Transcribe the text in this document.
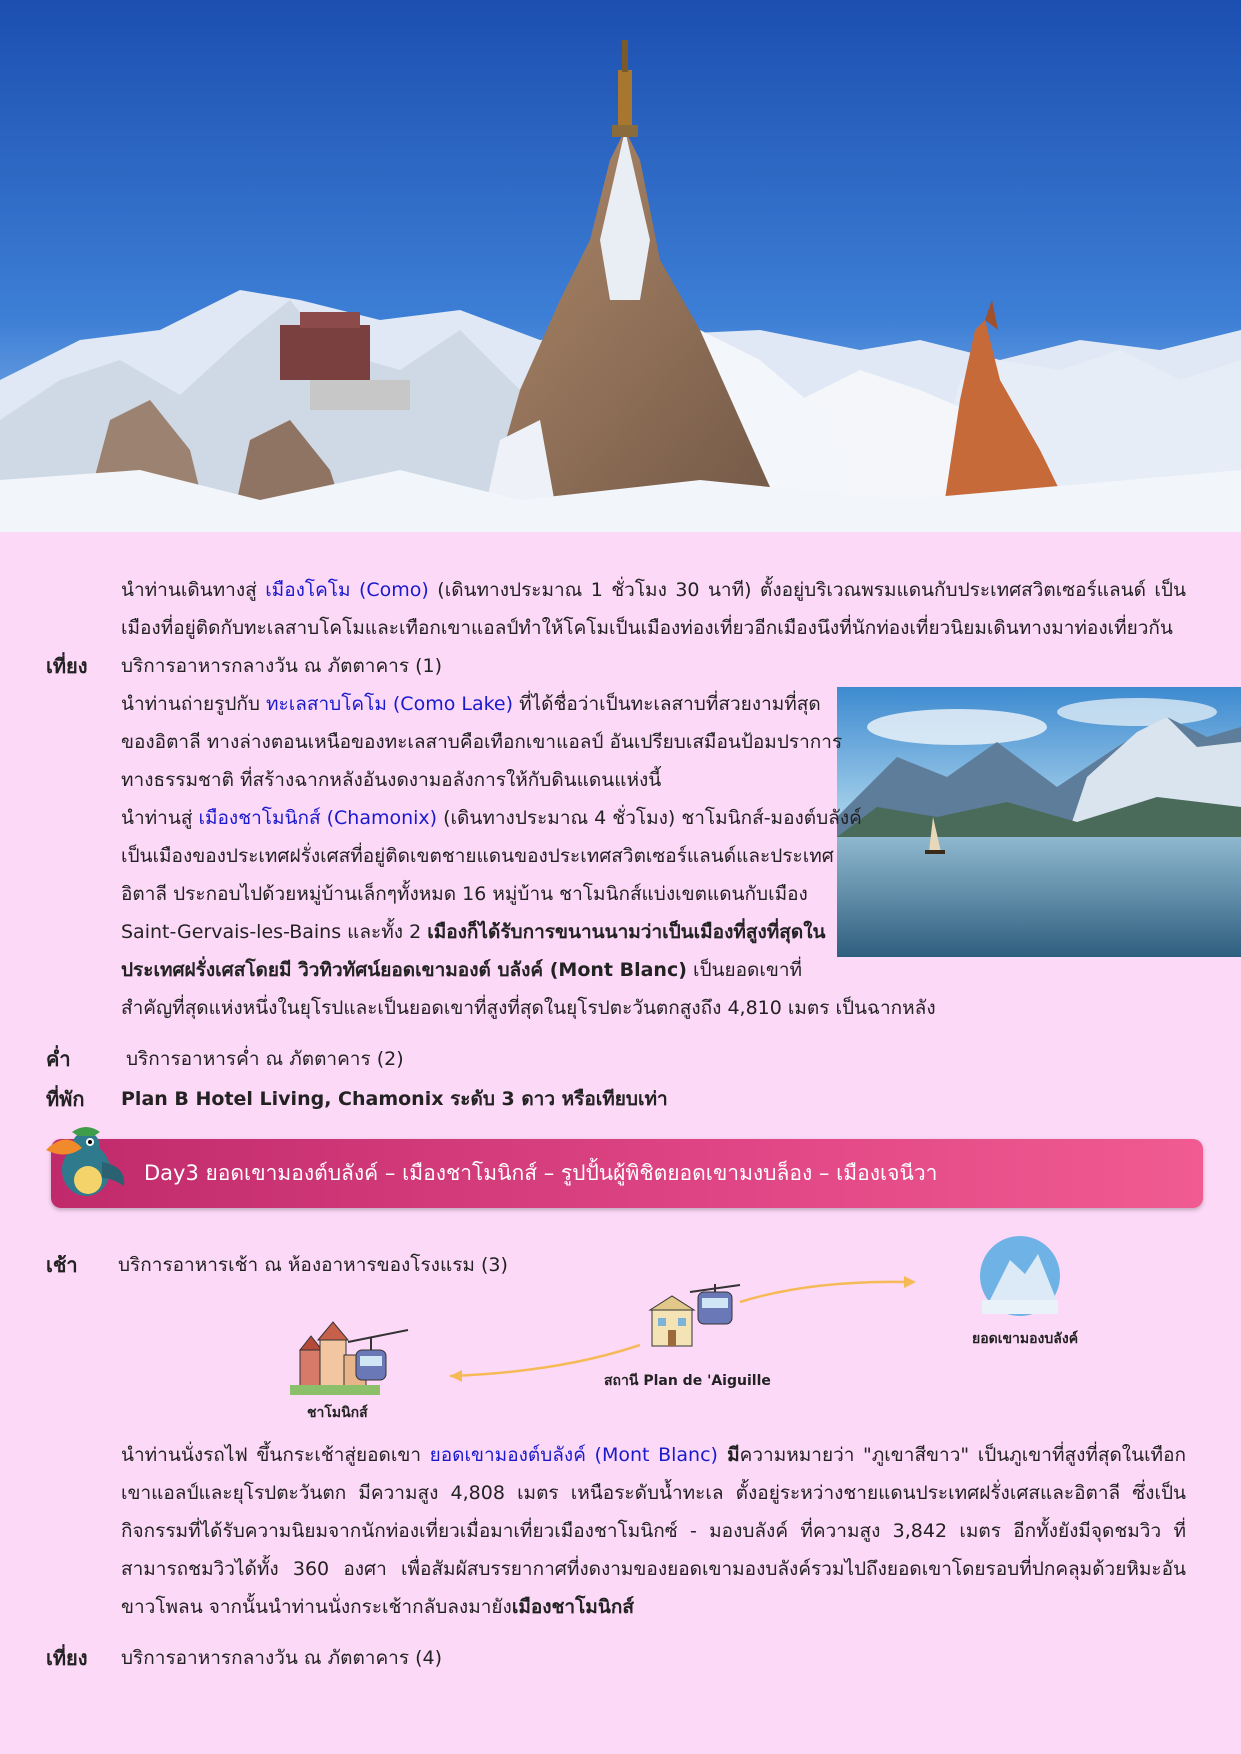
นำท่านเดินทางสู่ เมืองโคโม (Como) (เดินทางประมาณ 1 ชั่วโมง 30 นาที) ตั้งอยู่บริเวณพรมแดนกับประเทศสวิตเซอร์แลนด์ เป็นเมืองที่อยู่ติดกับทะเลสาบโคโมและเทือกเขาแอลป์ทำให้โคโมเป็นเมืองท่องเที่ยวอีกเมืองนึงที่นักท่องเที่ยวนิยมเดินทางมาท่องเที่ยวกัน
เที่ยง บริการอาหารกลางวัน ณ ภัตตาคาร (1)
นำท่านถ่ายรูปกับ ทะเลสาบโคโม (Como Lake) ที่ได้ชื่อว่าเป็นทะเลสาบที่สวยงามที่สุด
ของอิตาลี ทางล่างตอนเหนือของทะเลสาบคือเทือกเขาแอลป์ อันเปรียบเสมือนป้อมปราการ
ทางธรรมชาติ ที่สร้างฉากหลังอันงดงามอลังการให้กับดินแดนแห่งนี้
นำท่านสู่ เมืองชาโมนิกส์ (Chamonix) (เดินทางประมาณ 4 ชั่วโมง) ชาโมนิกส์-มองต์บลังค์
เป็นเมืองของประเทศฝรั่งเศสที่อยู่ติดเขตชายแดนของประเทศสวิตเซอร์แลนด์และประเทศ
อิตาลี ประกอบไปด้วยหมู่บ้านเล็กๆทั้งหมด 16 หมู่บ้าน ชาโมนิกส์แบ่งเขตแดนกับเมือง
Saint-Gervais-les-Bains และทั้ง 2 เมืองก็ได้รับการขนานนามว่าเป็นเมืองที่สูงที่สุดใน
ประเทศฝรั่งเศสโดยมี วิวทิวทัศน์ยอดเขามองต์ บลังค์ (Mont Blanc) เป็นยอดเขาที่
สำคัญที่สุดแห่งหนึ่งในยุโรปและเป็นยอดเขาที่สูงที่สุดในยุโรปตะวันตกสูงถึง 4,810 เมตร เป็นฉากหลัง
ค่ำ	บริการอาหารค่ำ ณ ภัตตาคาร (2)
ที่พัก Plan B Hotel Living, Chamonix ระดับ 3 ดาว หรือเทียบเท่า
Day3 ยอดเขามองต์บลังค์ – เมืองชาโมนิกส์ – รูปปั้นผู้พิชิตยอดเขามงบล็อง – เมืองเจนีวา
เช้า บริการอาหารเช้า ณ ห้องอาหารของโรงแรม (3)
ชาโมนิกส์
สถานี Plan de 'Aiguille
ยอดเขามองบลังค์
นำท่านนั่งรถไฟ ขึ้นกระเช้าสู่ยอดเขา ยอดเขามองต์บลังค์ (Mont Blanc) มีความหมายว่า "ภูเขาสีขาว" เป็นภูเขาที่สูงที่สุดในเทือกเขาแอลป์และยุโรปตะวันตก มีความสูง 4,808 เมตร เหนือระดับน้ำทะเล ตั้งอยู่ระหว่างชายแดนประเทศฝรั่งเศสและอิตาลี ซึ่งเป็นกิจกรรมที่ได้รับความนิยมจากนักท่องเที่ยวเมื่อมาเที่ยวเมืองชาโมนิกซ์ - มองบลังค์ ที่ความสูง 3,842 เมตร อีกทั้งยังมีจุดชมวิว ที่สามารถชมวิวได้ทั้ง 360 องศา เพื่อสัมผัสบรรยากาศที่งดงามของยอดเขามองบลังค์รวมไปถึงยอดเขาโดยรอบที่ปกคลุมด้วยหิมะอันขาวโพลน จากนั้นนำท่านนั่งกระเช้ากลับลงมายังเมืองชาโมนิกส์
เที่ยง บริการอาหารกลางวัน ณ ภัตตาคาร (4)
